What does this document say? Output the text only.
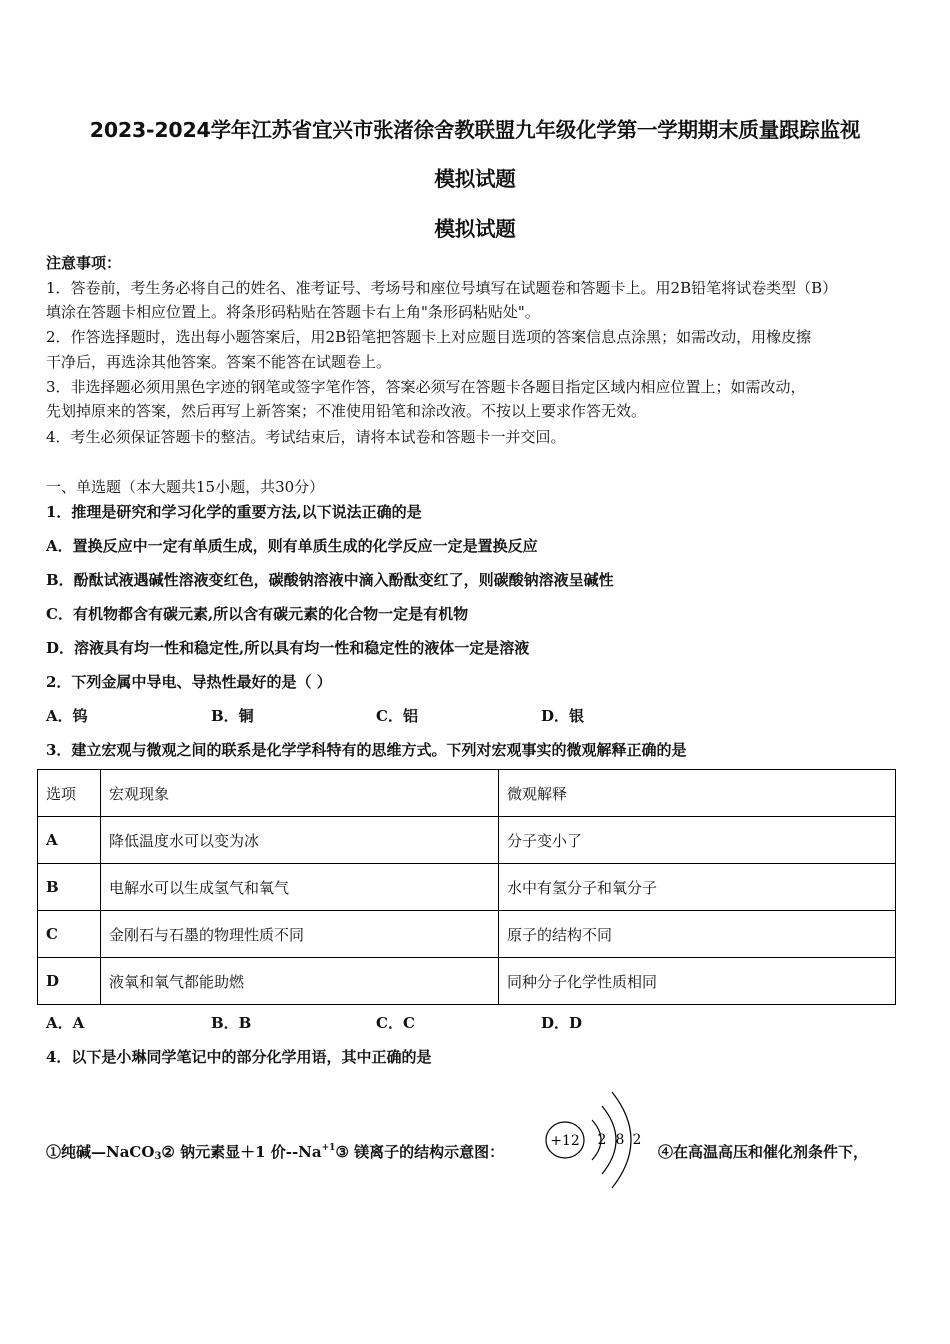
2023-2024学年江苏省宜兴市张渚徐舍教联盟九年级化学第一学期期末质量跟踪监视
模拟试题
模拟试题
注意事项：
1．答卷前，考生务必将自己的姓名、准考证号、考场号和座位号填写在试题卷和答题卡上。用2B铅笔将试卷类型（B）
填涂在答题卡相应位置上。将条形码粘贴在答题卡右上角"条形码粘贴处"。
2．作答选择题时，选出每小题答案后，用2B铅笔把答题卡上对应题目选项的答案信息点涂黑；如需改动，用橡皮擦
干净后，再选涂其他答案。答案不能答在试题卷上。
3．非选择题必须用黑色字迹的钢笔或签字笔作答，答案必须写在答题卡各题目指定区域内相应位置上；如需改动，
先划掉原来的答案，然后再写上新答案；不准使用铅笔和涂改液。不按以上要求作答无效。
4．考生必须保证答题卡的整洁。考试结束后，请将本试卷和答题卡一并交回。
一、单选题（本大题共15小题，共30分）
1．推理是研究和学习化学的重要方法,以下说法正确的是
A．置换反应中一定有单质生成，则有单质生成的化学反应一定是置换反应
B．酚酞试液遇碱性溶液变红色，碳酸钠溶液中滴入酚酞变红了，则碳酸钠溶液呈碱性
C．有机物都含有碳元素,所以含有碳元素的化合物一定是有机物
D．溶液具有均一性和稳定性,所以具有均一性和稳定性的液体一定是溶液
2．下列金属中导电、导热性最好的是（ ）
A．钨	B．铜	C．铝	D．银
3．建立宏观与微观之间的联系是化学学科特有的思维方式。下列对宏观事实的微观解释正确的是
选项	宏观现象	微观解释
A	降低温度水可以变为冰	分子变小了
B	电解水可以生成氢气和氧气	水中有氢分子和氧分子
C	金刚石与石墨的物理性质不同	原子的结构不同
D	液氧和氧气都能助燃	同种分子化学性质相同
A．A	B．B	C．C	D．D
4．以下是小琳同学笔记中的部分化学用语，其中正确的是
①纯碱—NaCO$_3$② 钠元素显＋1 价$--Na^{+1}③$ 镁离子的结构示意图：
+12 2 8 2
④在高温高压和催化剂条件下，
